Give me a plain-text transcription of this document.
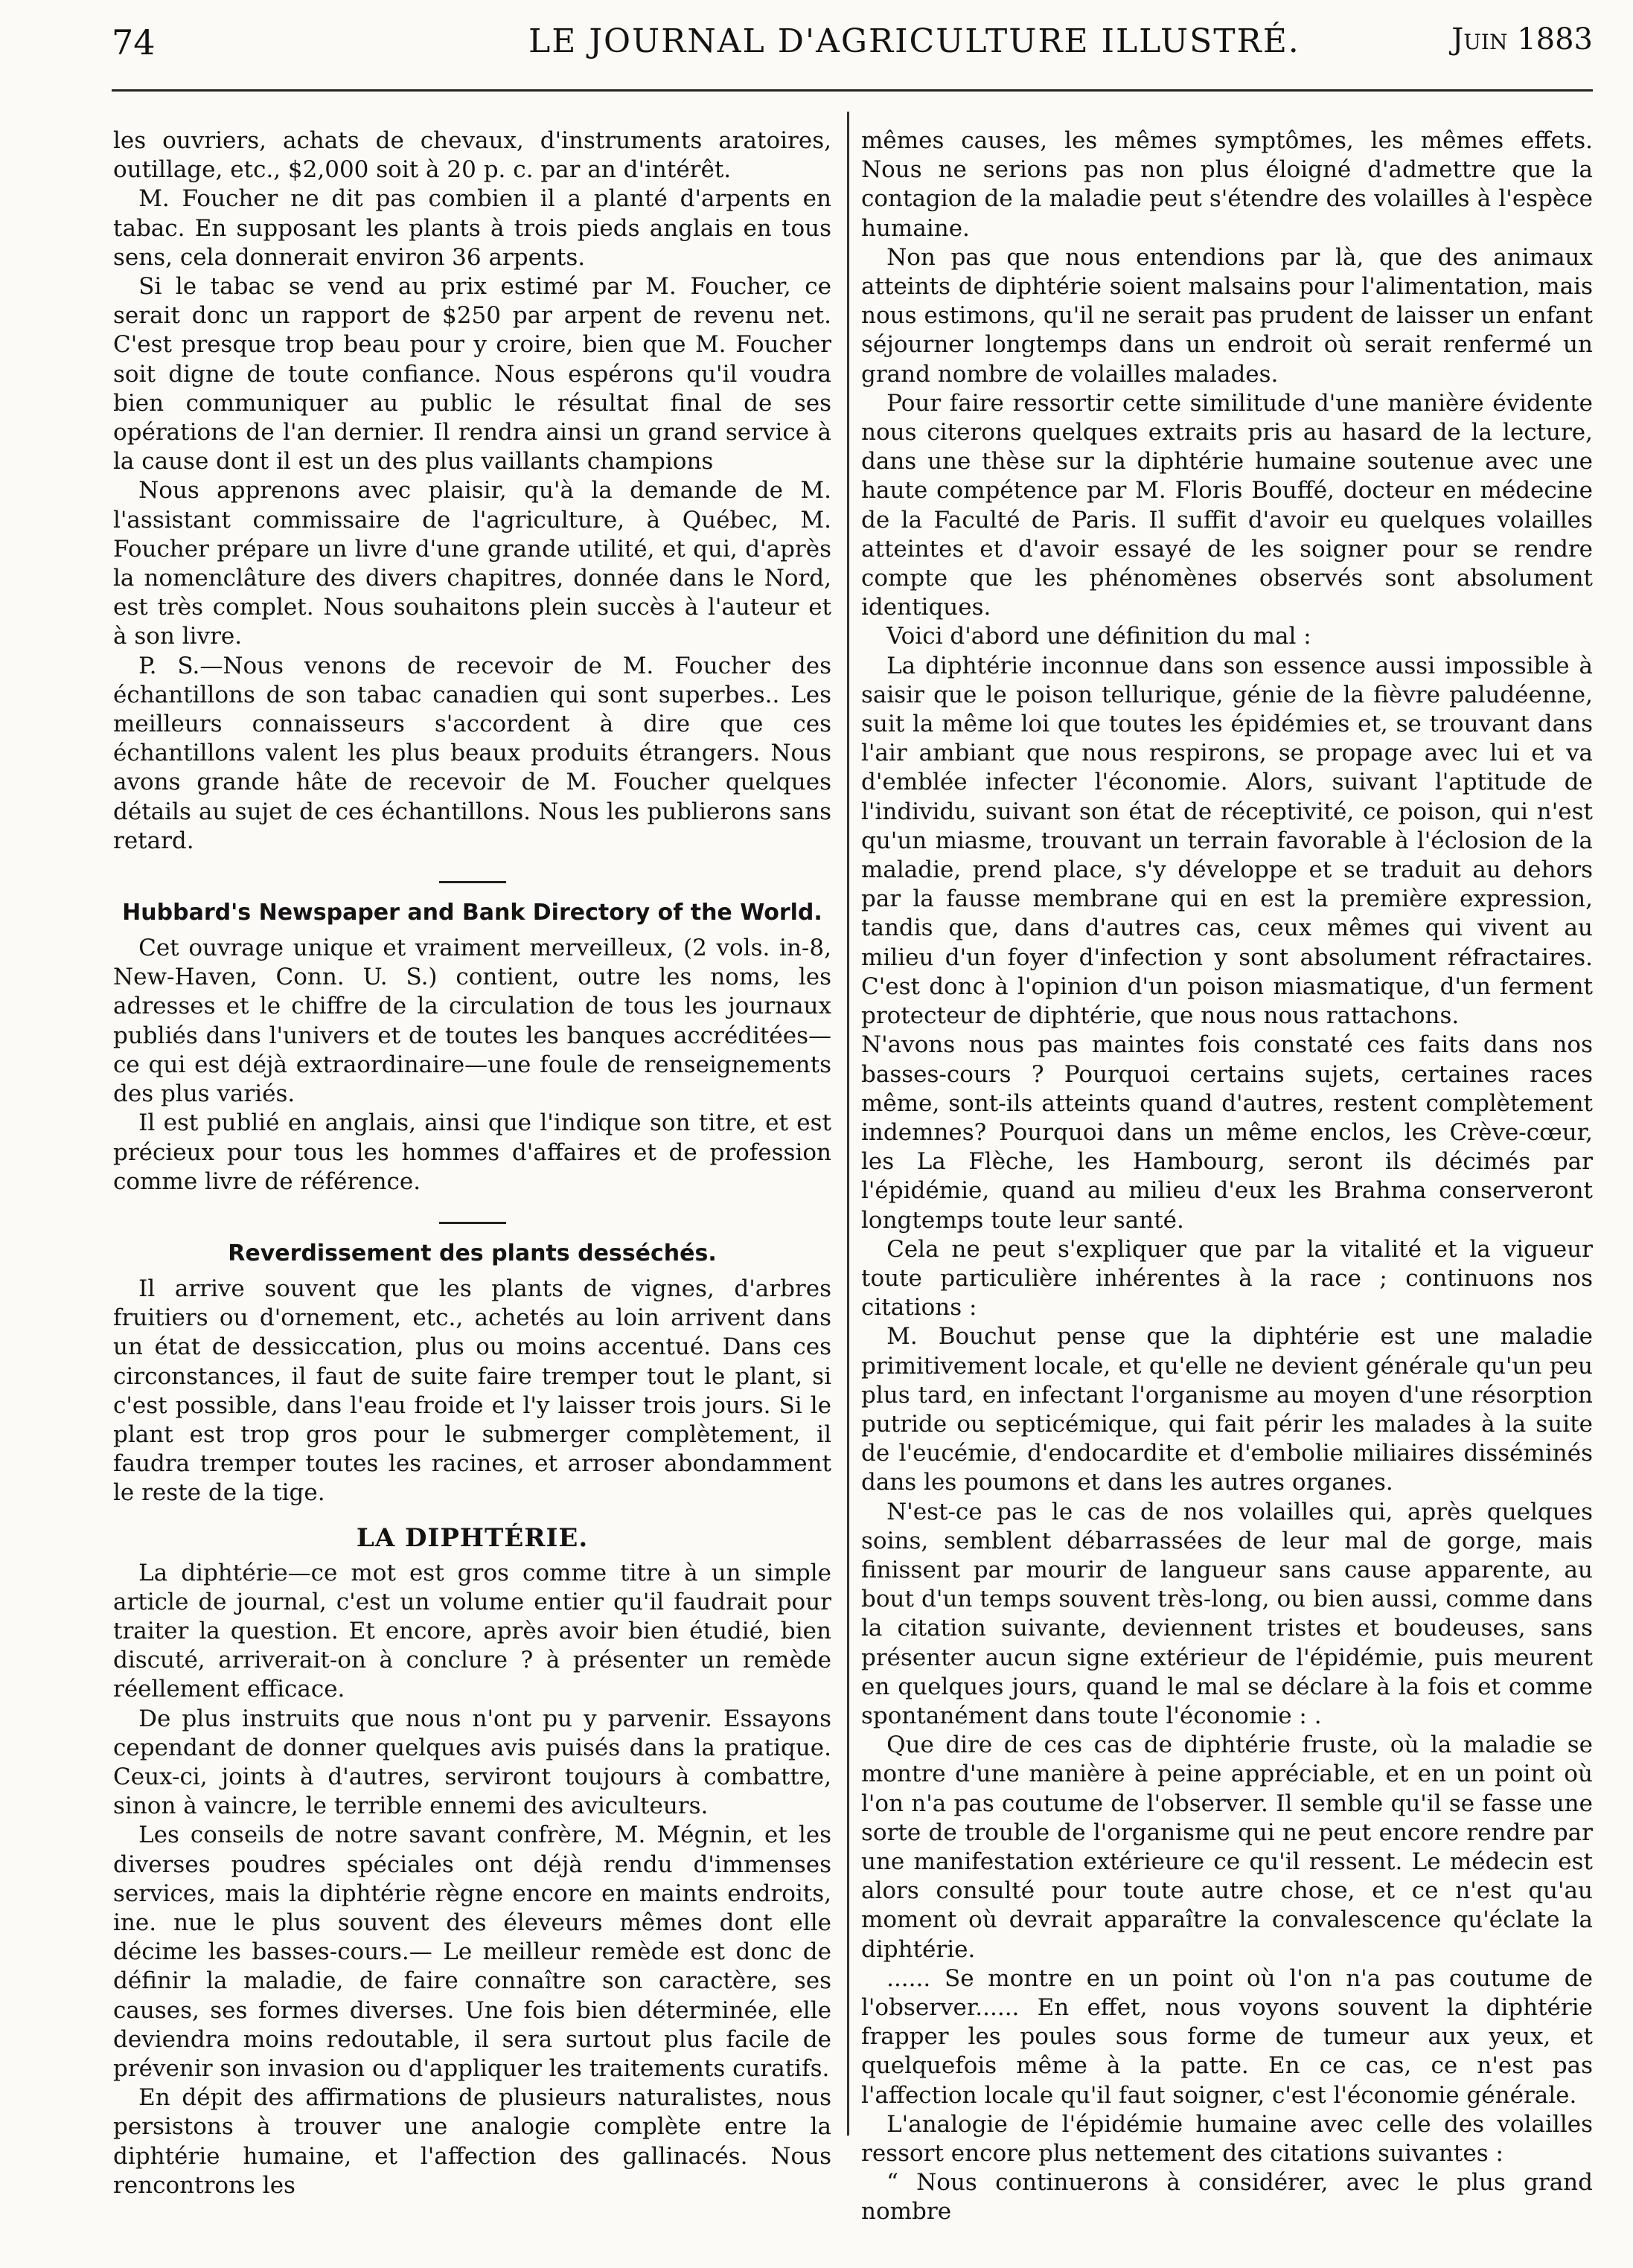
74	LE JOURNAL D'AGRICULTURE ILLUSTRÉ.	Juin 1883

les ouvriers, achats de chevaux, d'instruments aratoires, outillage, etc., $2,000 soit à 20 p. c. par an d'intérêt.

M. Foucher ne dit pas combien il a planté d'arpents en tabac. En supposant les plants à trois pieds anglais en tous sens, cela donnerait environ 36 arpents.

Si le tabac se vend au prix estimé par M. Foucher, ce serait donc un rapport de $250 par arpent de revenu net. C'est presque trop beau pour y croire, bien que M. Foucher soit digne de toute confiance. Nous espérons qu'il voudra bien communiquer au public le résultat final de ses opérations de l'an dernier. Il rendra ainsi un grand service à la cause dont il est un des plus vaillants champions

Nous apprenons avec plaisir, qu'à la demande de M. l'assistant commissaire de l'agriculture, à Québec, M. Foucher prépare un livre d'une grande utilité, et qui, d'après la nomenclâture des divers chapitres, donnée dans le Nord, est très complet. Nous souhaitons plein succès à l'auteur et à son livre.

P. S.—Nous venons de recevoir de M. Foucher des échantillons de son tabac canadien qui sont superbes.. Les meilleurs connaisseurs s'accordent à dire que ces échantillons valent les plus beaux produits étrangers. Nous avons grande hâte de recevoir de M. Foucher quelques détails au sujet de ces échantillons. Nous les publierons sans retard.

Hubbard's Newspaper and Bank Directory of the World.

Cet ouvrage unique et vraiment merveilleux, (2 vols. in-8, New-Haven, Conn. U. S.) contient, outre les noms, les adresses et le chiffre de la circulation de tous les journaux publiés dans l'univers et de toutes les banques accréditées—ce qui est déjà extraordinaire—une foule de renseignements des plus variés.

Il est publié en anglais, ainsi que l'indique son titre, et est précieux pour tous les hommes d'affaires et de profession comme livre de référence.

Reverdissement des plants desséchés.

Il arrive souvent que les plants de vignes, d'arbres fruitiers ou d'ornement, etc., achetés au loin arrivent dans un état de dessiccation, plus ou moins accentué. Dans ces circonstances, il faut de suite faire tremper tout le plant, si c'est possible, dans l'eau froide et l'y laisser trois jours. Si le plant est trop gros pour le submerger complètement, il faudra tremper toutes les racines, et arroser abondamment le reste de la tige.

LA DIPHTÉRIE.

La diphtérie—ce mot est gros comme titre à un simple article de journal, c'est un volume entier qu'il faudrait pour traiter la question. Et encore, après avoir bien étudié, bien discuté, arriverait-on à conclure ? à présenter un remède réellement efficace.

De plus instruits que nous n'ont pu y parvenir. Essayons cependant de donner quelques avis puisés dans la pratique. Ceux-ci, joints à d'autres, serviront toujours à combattre, sinon à vaincre, le terrible ennemi des aviculteurs.

Les conseils de notre savant confrère, M. Mégnin, et les diverses poudres spéciales ont déjà rendu d'immenses services, mais la diphtérie règne encore en maints endroits, ine. nue le plus souvent des éleveurs mêmes dont elle décime les basses-cours.— Le meilleur remède est donc de définir la maladie, de faire connaître son caractère, ses causes, ses formes diverses. Une fois bien déterminée, elle deviendra moins redoutable, il sera surtout plus facile de prévenir son invasion ou d'appliquer les traitements curatifs.

En dépit des affirmations de plusieurs naturalistes, nous persistons à trouver une analogie complète entre la diphtérie humaine, et l'affection des gallinacés. Nous rencontrons les

mêmes causes, les mêmes symptômes, les mêmes effets. Nous ne serions pas non plus éloigné d'admettre que la contagion de la maladie peut s'étendre des volailles à l'espèce humaine.

Non pas que nous entendions par là, que des animaux atteints de diphtérie soient malsains pour l'alimentation, mais nous estimons, qu'il ne serait pas prudent de laisser un enfant séjourner longtemps dans un endroit où serait renfermé un grand nombre de volailles malades.

Pour faire ressortir cette similitude d'une manière évidente nous citerons quelques extraits pris au hasard de la lecture, dans une thèse sur la diphtérie humaine soutenue avec une haute compétence par M. Floris Bouffé, docteur en médecine de la Faculté de Paris. Il suffit d'avoir eu quelques volailles atteintes et d'avoir essayé de les soigner pour se rendre compte que les phénomènes observés sont absolument identiques.

Voici d'abord une définition du mal :

La diphtérie inconnue dans son essence aussi impossible à saisir que le poison tellurique, génie de la fièvre paludéenne, suit la même loi que toutes les épidémies et, se trouvant dans l'air ambiant que nous respirons, se propage avec lui et va d'emblée infecter l'économie. Alors, suivant l'aptitude de l'individu, suivant son état de réceptivité, ce poison, qui n'est qu'un miasme, trouvant un terrain favorable à l'éclosion de la maladie, prend place, s'y développe et se traduit au dehors par la fausse membrane qui en est la première expression, tandis que, dans d'autres cas, ceux mêmes qui vivent au milieu d'un foyer d'infection y sont absolument réfractaires. C'est donc à l'opinion d'un poison miasmatique, d'un ferment protecteur de diphtérie, que nous nous rattachons.

N'avons nous pas maintes fois constaté ces faits dans nos basses-cours ? Pourquoi certains sujets, certaines races même, sont-ils atteints quand d'autres, restent complètement indemnes? Pourquoi dans un même enclos, les Crève-cœur, les La Flèche, les Hambourg, seront ils décimés par l'épidémie, quand au milieu d'eux les Brahma conserveront longtemps toute leur santé.

Cela ne peut s'expliquer que par la vitalité et la vigueur toute particulière inhérentes à la race ; continuons nos citations :

M. Bouchut pense que la diphtérie est une maladie primitivement locale, et qu'elle ne devient générale qu'un peu plus tard, en infectant l'organisme au moyen d'une résorption putride ou septicémique, qui fait périr les malades à la suite de l'eucémie, d'endocardite et d'embolie miliaires disséminés dans les poumons et dans les autres organes.

N'est-ce pas le cas de nos volailles qui, après quelques soins, semblent débarrassées de leur mal de gorge, mais finissent par mourir de langueur sans cause apparente, au bout d'un temps souvent très-long, ou bien aussi, comme dans la citation suivante, deviennent tristes et boudeuses, sans présenter aucun signe extérieur de l'épidémie, puis meurent en quelques jours, quand le mal se déclare à la fois et comme spontanément dans toute l'économie : .

Que dire de ces cas de diphtérie fruste, où la maladie se montre d'une manière à peine appréciable, et en un point où l'on n'a pas coutume de l'observer. Il semble qu'il se fasse une sorte de trouble de l'organisme qui ne peut encore rendre par une manifestation extérieure ce qu'il ressent. Le médecin est alors consulté pour toute autre chose, et ce n'est qu'au moment où devrait apparaître la convalescence qu'éclate la diphtérie.

...... Se montre en un point où l'on n'a pas coutume de l'observer...... En effet, nous voyons souvent la diphtérie frapper les poules sous forme de tumeur aux yeux, et quelquefois même à la patte. En ce cas, ce n'est pas l'affection locale qu'il faut soigner, c'est l'économie générale.

L'analogie de l'épidémie humaine avec celle des volailles ressort encore plus nettement des citations suivantes :

“ Nous continuerons à considérer, avec le plus grand nombre
